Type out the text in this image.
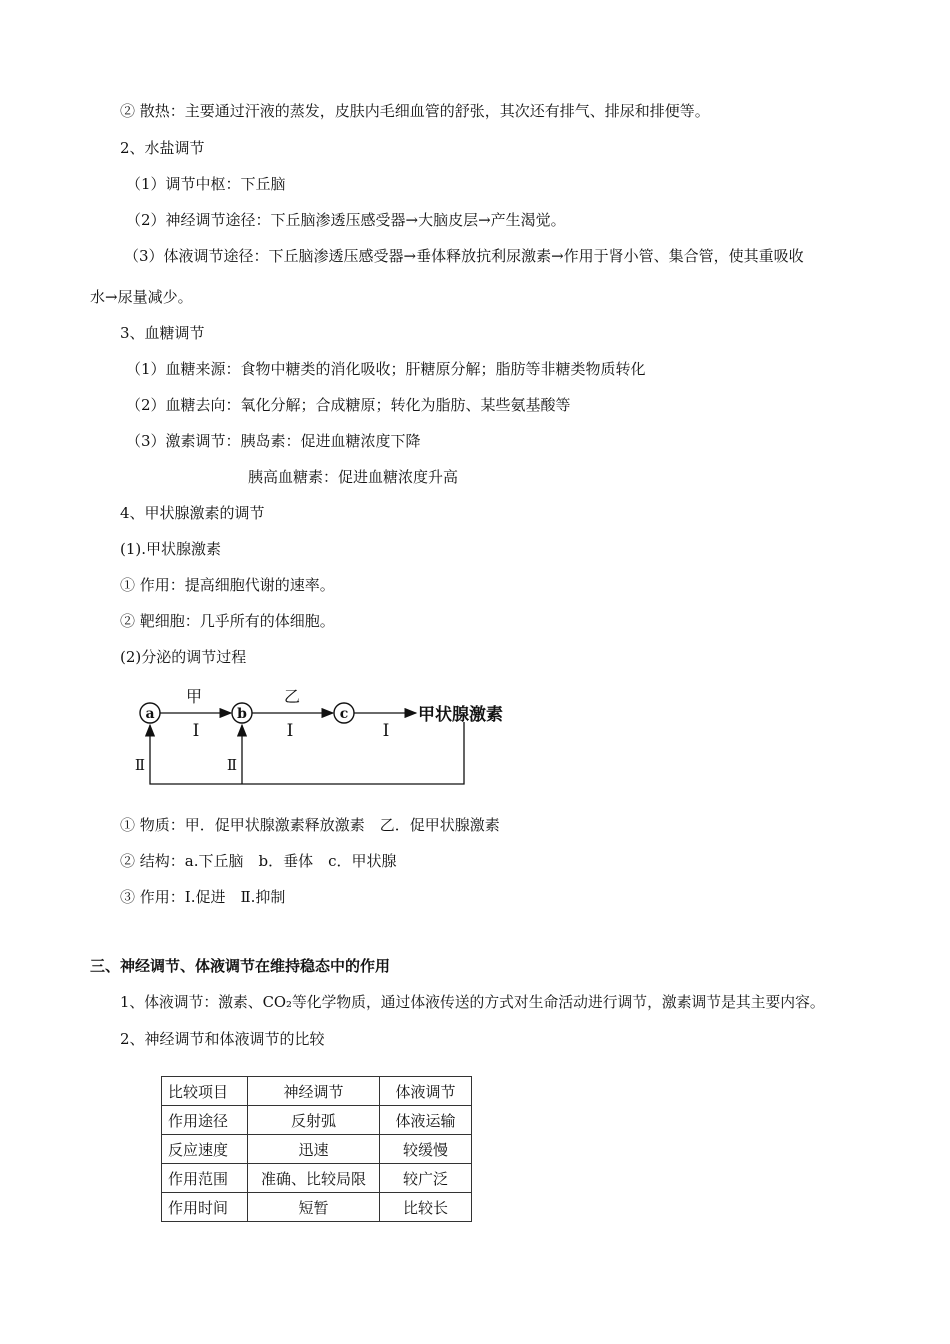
② 散热：主要通过汗液的蒸发，皮肤内毛细血管的舒张，其次还有排气、排尿和排便等。
2、水盐调节
（1）调节中枢：下丘脑
（2）神经调节途径：下丘脑渗透压感受器→大脑皮层→产生渴觉。
（3）体液调节途径：下丘脑渗透压感受器→垂体释放抗利尿激素→作用于肾小管、集合管，使其重吸收
水→尿量减少。
3、血糖调节
（1）血糖来源：食物中糖类的消化吸收；肝糖原分解；脂肪等非糖类物质转化
（2）血糖去向：氧化分解；合成糖原；转化为脂肪、某些氨基酸等
（3）激素调节：胰岛素：促进血糖浓度下降
胰高血糖素：促进血糖浓度升高
4、甲状腺激素的调节
(1).甲状腺激素
① 作用：提高细胞代谢的速率。
② 靶细胞：几乎所有的体细胞。
(2)分泌的调节过程
a	b	c
甲	乙
Ⅰ	Ⅰ	Ⅰ
甲状腺激素
Ⅱ	Ⅱ
① 物质：甲．促甲状腺激素释放激素　乙．促甲状腺激素
② 结构：a.下丘脑　b．垂体　c．甲状腺
③ 作用：Ⅰ.促进　Ⅱ.抑制
三、神经调节、体液调节在维持稳态中的作用
1、体液调节：激素、CO₂等化学物质，通过体液传送的方式对生命活动进行调节，激素调节是其主要内容。
2、神经调节和体液调节的比较
比较项目	神经调节	体液调节
作用途径	反射弧	体液运输
反应速度	迅速	较缓慢
作用范围	准确、比较局限	较广泛
作用时间	短暂	比较长
